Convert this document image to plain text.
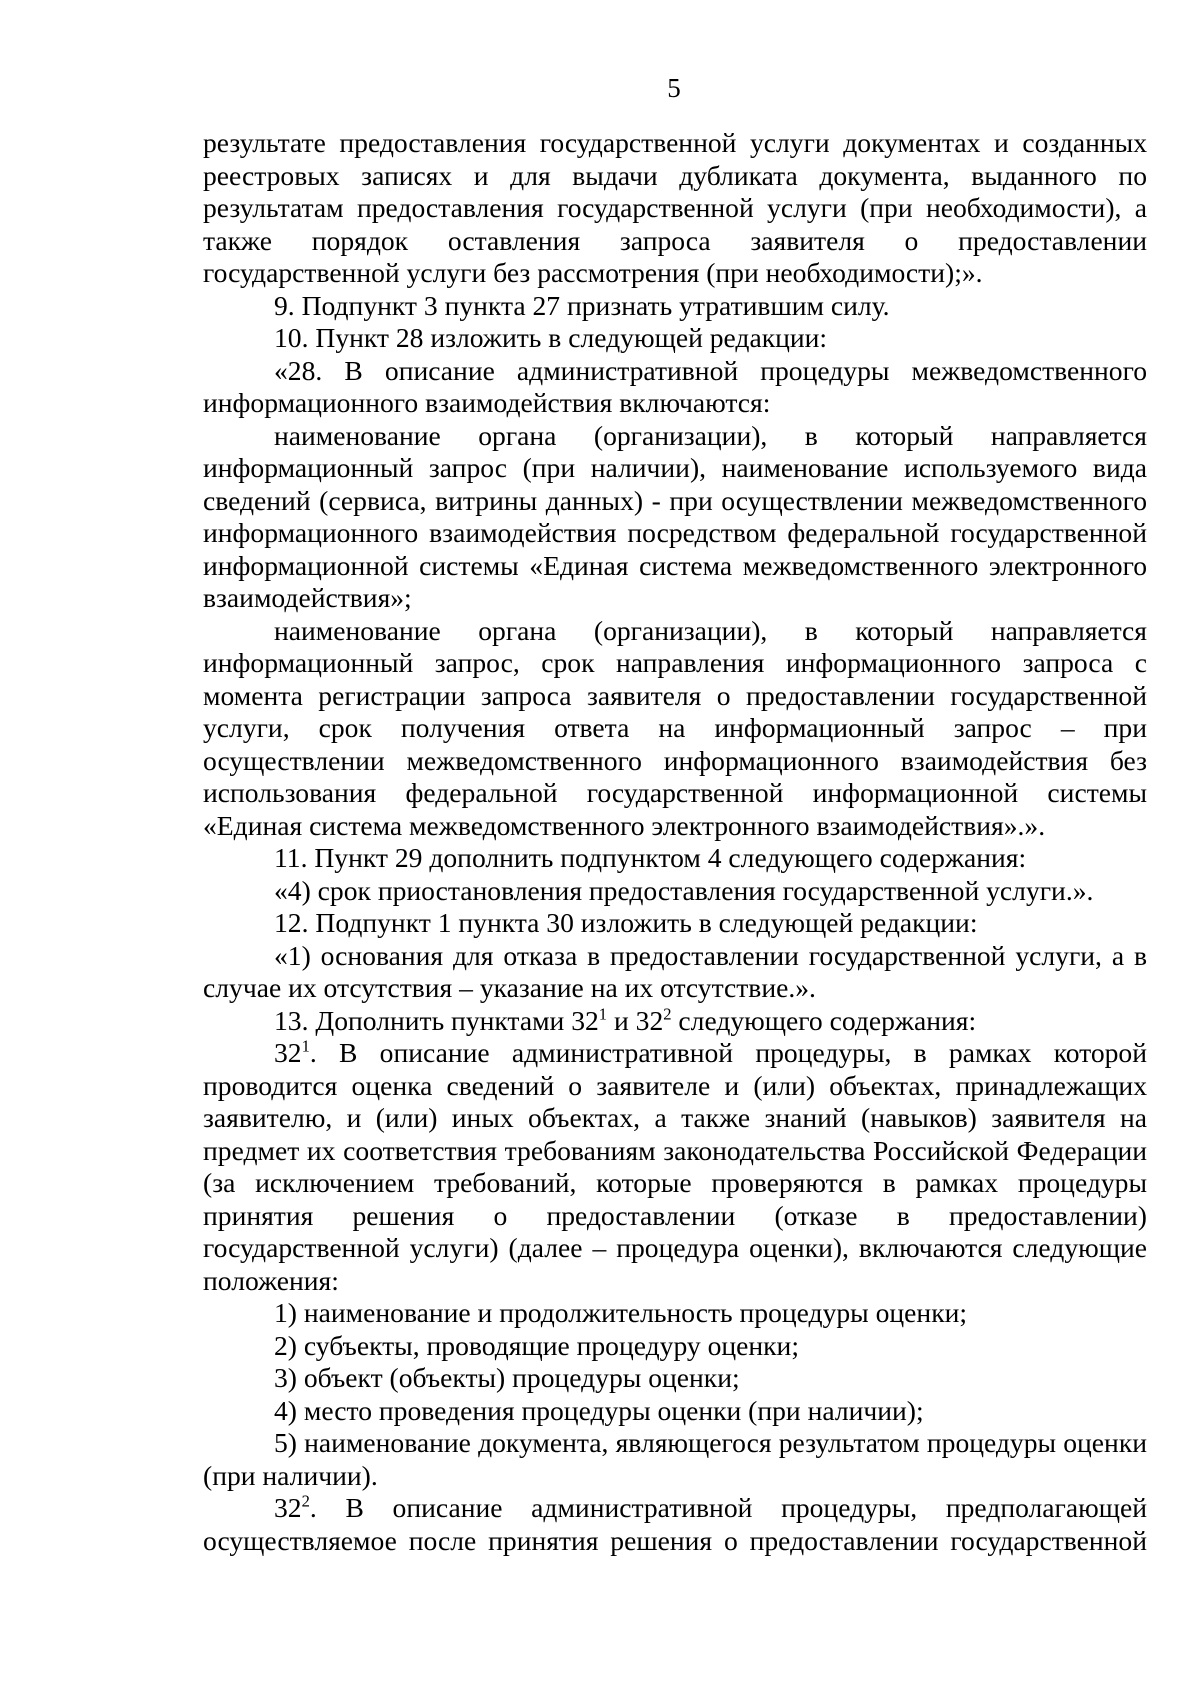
5

результате предоставления государственной услуги документах и созданных реестровых записях и для выдачи дубликата документа, выданного по результатам предоставления государственной услуги (при необходимости), а также порядок оставления запроса заявителя о предоставлении государственной услуги без рассмотрения (при необходимости);».

9. Подпункт 3 пункта 27 признать утратившим силу.

10. Пункт 28 изложить в следующей редакции:

«28. В описание административной процедуры межведомственного информационного взаимодействия включаются:

наименование органа (организации), в который направляется информационный запрос (при наличии), наименование используемого вида сведений (сервиса, витрины данных) - при осуществлении межведомственного информационного взаимодействия посредством федеральной государственной информационной системы «Единая система межведомственного электронного взаимодействия»;

наименование органа (организации), в который направляется информационный запрос, срок направления информационного запроса с момента регистрации запроса заявителя о предоставлении государственной услуги, срок получения ответа на информационный запрос – при осуществлении межведомственного информационного взаимодействия без использования федеральной государственной информационной системы «Единая система межведомственного электронного взаимодействия».».

11. Пункт 29 дополнить подпунктом 4 следующего содержания:

«4) срок приостановления предоставления государственной услуги.».

12. Подпункт 1 пункта 30 изложить в следующей редакции:

«1) основания для отказа в предоставлении государственной услуги, а в случае их отсутствия – указание на их отсутствие.».

13. Дополнить пунктами $32^1$ и $32^2$ следующего содержания:

$32^1$. В описание административной процедуры, в рамках которой проводится оценка сведений о заявителе и (или) объектах, принадлежащих заявителю, и (или) иных объектах, а также знаний (навыков) заявителя на предмет их соответствия требованиям законодательства Российской Федерации (за исключением требований, которые проверяются в рамках процедуры принятия решения о предоставлении (отказе в предоставлении) государственной услуги) (далее – процедура оценки), включаются следующие положения:

1) наименование и продолжительность процедуры оценки;

2) субъекты, проводящие процедуру оценки;

3) объект (объекты) процедуры оценки;

4) место проведения процедуры оценки (при наличии);

5) наименование документа, являющегося результатом процедуры оценки (при наличии).

$32^2$. В описание административной процедуры, предполагающей осуществляемое после принятия решения о предоставлении государственной
